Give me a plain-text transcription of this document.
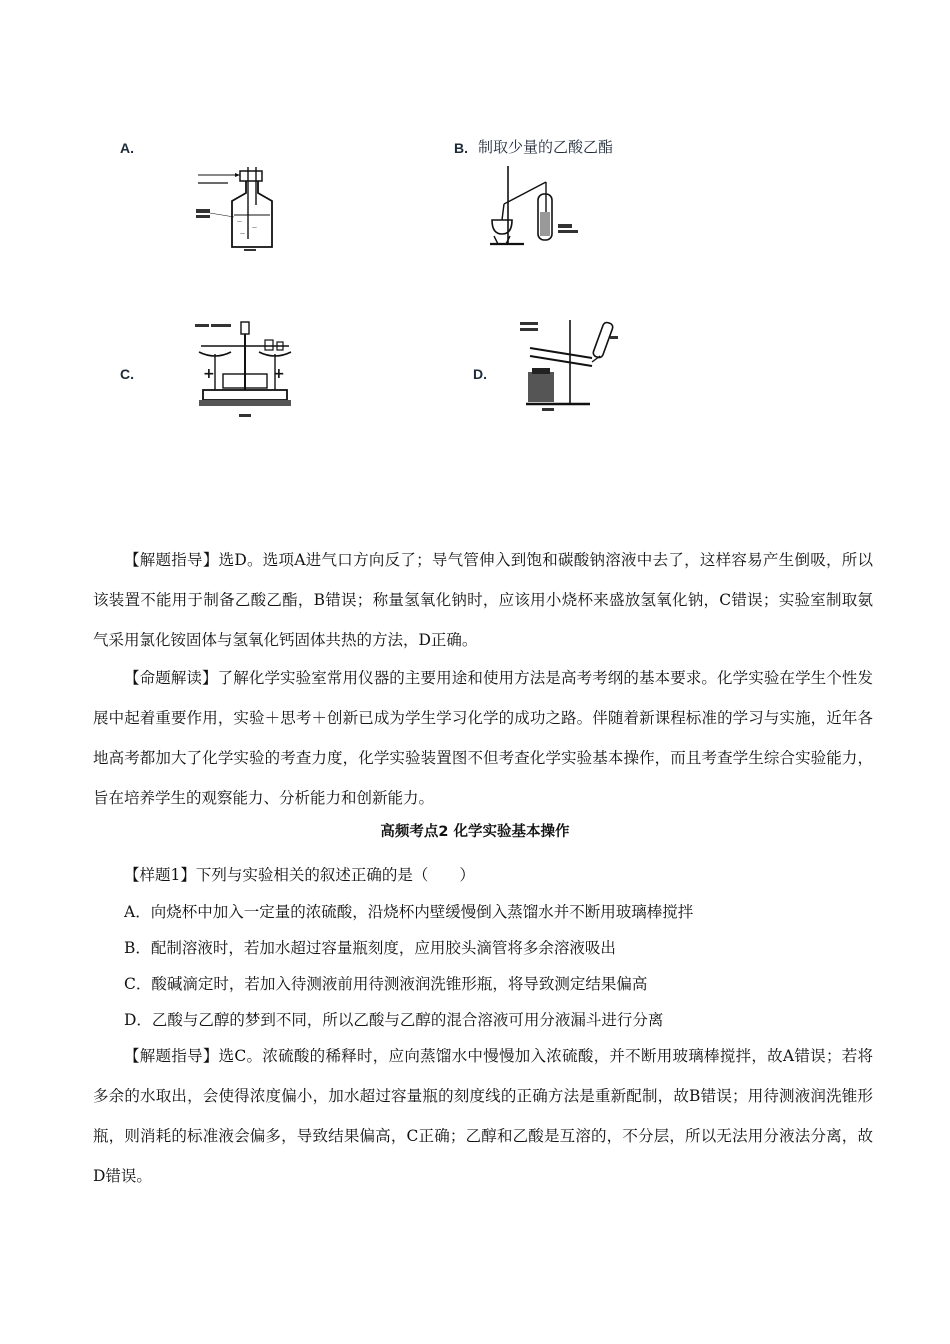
A.
—
—
—
B. 制取少量的乙酸乙酯
C.	+	+	D.
【解题指导】选D。选项A进气口方向反了；导气管伸入到饱和碳酸钠溶液中去了，这样容易产生倒吸，所以该装置不能用于制备乙酸乙酯，B错误；称量氢氧化钠时，应该用小烧杯来盛放氢氧化钠，C错误；实验室制取氨气采用氯化铵固体与氢氧化钙固体共热的方法，D正确。
【命题解读】了解化学实验室常用仪器的主要用途和使用方法是高考考纲的基本要求。化学实验在学生个性发展中起着重要作用，实验＋思考＋创新已成为学生学习化学的成功之路。伴随着新课程标准的学习与实施，近年各地高考都加大了化学实验的考查力度，化学实验装置图不但考查化学实验基本操作，而且考查学生综合实验能力，旨在培养学生的观察能力、分析能力和创新能力。
高频考点2 化学实验基本操作
【样题1】下列与实验相关的叙述正确的是（　　）
A．向烧杯中加入一定量的浓硫酸，沿烧杯内壁缓慢倒入蒸馏水并不断用玻璃棒搅拌
B．配制溶液时，若加水超过容量瓶刻度，应用胶头滴管将多余溶液吸出
C．酸碱滴定时，若加入待测液前用待测液润洗锥形瓶，将导致测定结果偏高
D．乙酸与乙醇的梦到不同，所以乙酸与乙醇的混合溶液可用分液漏斗进行分离
【解题指导】选C。浓硫酸的稀释时，应向蒸馏水中慢慢加入浓硫酸，并不断用玻璃棒搅拌，故A错误；若将多余的水取出，会使得浓度偏小，加水超过容量瓶的刻度线的正确方法是重新配制，故B错误；用待测液润洗锥形瓶，则消耗的标准液会偏多，导致结果偏高，C正确；乙醇和乙酸是互溶的，不分层，所以无法用分液法分离，故D错误。
